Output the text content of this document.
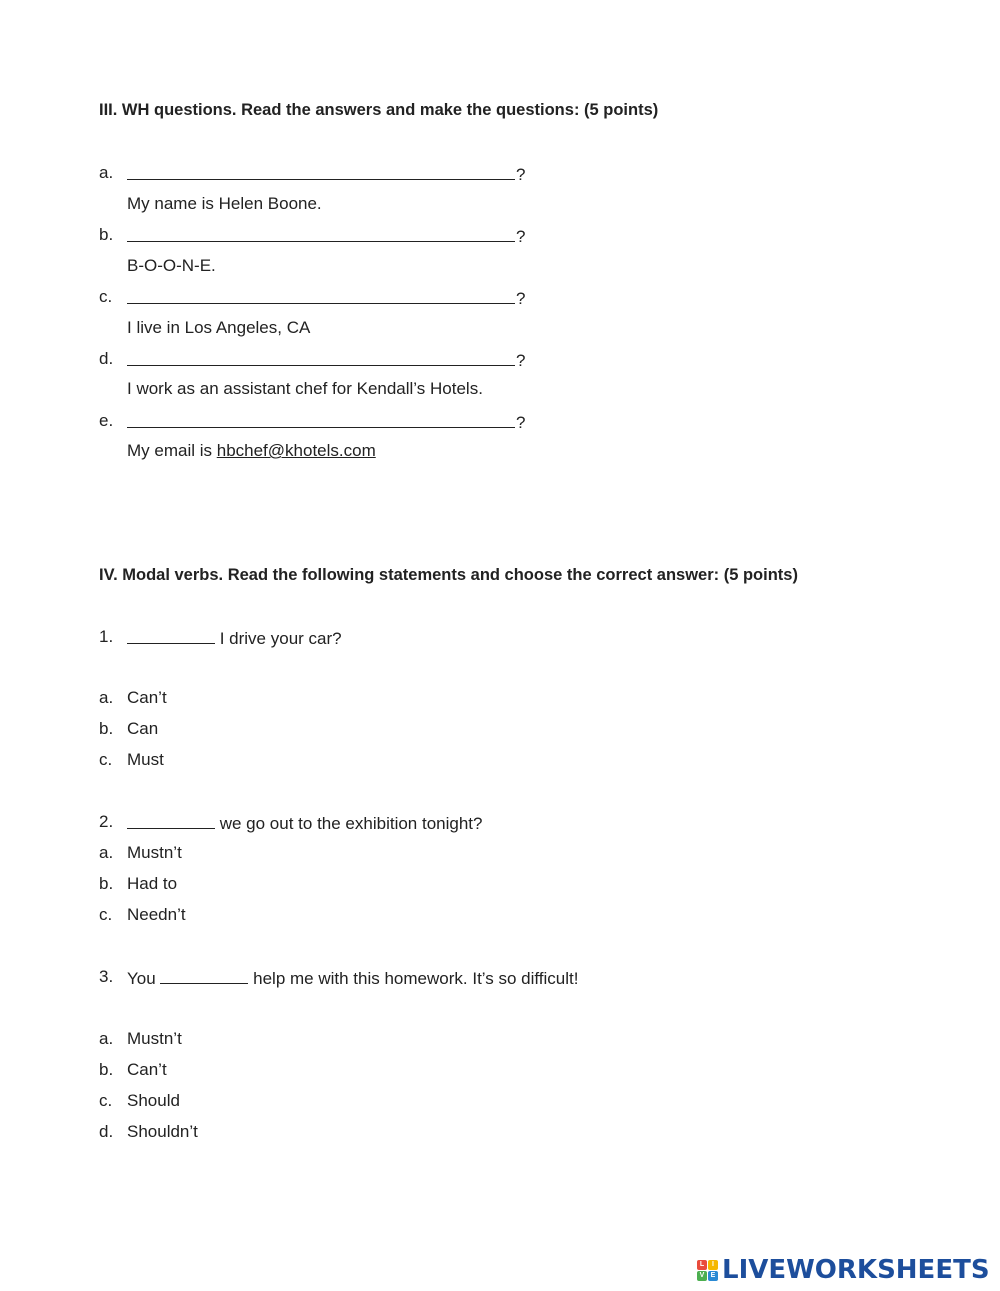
III. WH questions. Read the answers and make the questions: (5 points)
a.	?
My name is Helen Boone.
b.	?
B-O-O-N-E.
c.	?
I live in Los Angeles, CA
d.	?
I work as an assistant chef for Kendall’s Hotels.
e.	?
My email is hbchef@khotels.com
IV. Modal verbs. Read the following statements and choose the correct answer: (5 points)
1.	I drive your car?
a. Can’t
b. Can
c. Must
2.	we go out to the exhibition tonight?
a. Mustn’t
b. Had to
c. Needn’t
3. You	help me with this homework. It’s so difficult!
a. Mustn’t
b. Can’t
c. Should
d. Shouldn’t
L	I
V E LIVEWORKSHEETS
